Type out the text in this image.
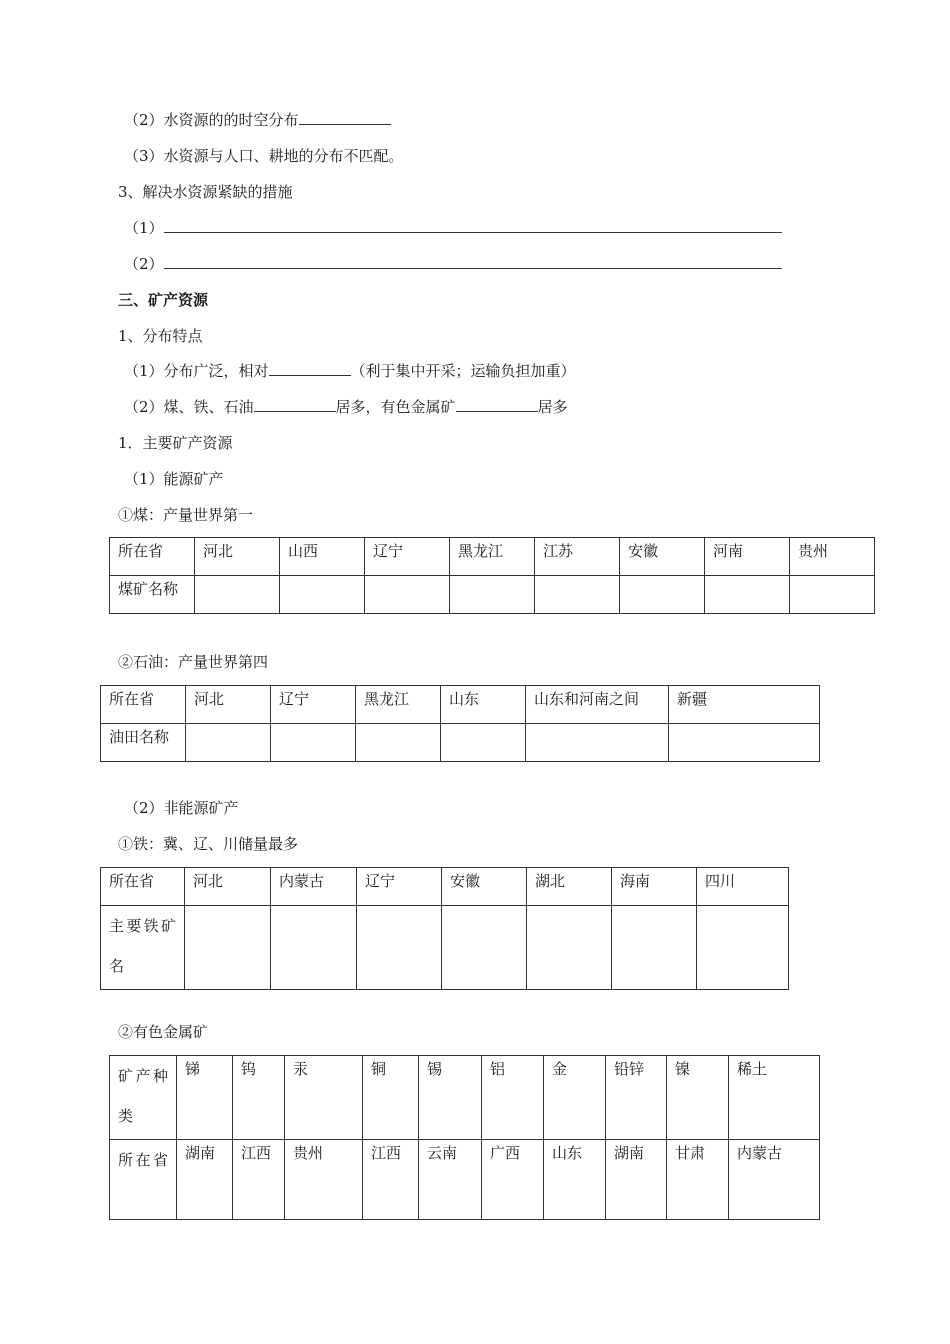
（2）水资源的的时空分布
（3）水资源与人口、耕地的分布不匹配。
3、解决水资源紧缺的措施
（1）
（2）
三、矿产资源
1、分布特点
（1）分布广泛，相对	（利于集中开采；运输负担加重）
（2）煤、铁、石油	居多，有色金属矿	居多
1．主要矿产资源
（1）能源矿产
①煤：产量世界第一
所在省	河北	山西	辽宁	黑龙江	江苏	安徽	河南	贵州
煤矿名称								
②石油：产量世界第四
所在省	河北	辽宁	黑龙江	山东	山东和河南之间	新疆
油田名称						
（2）非能源矿产
①铁：冀、辽、川储量最多
所在省	河北	内蒙古	辽宁	安徽	湖北	海南	四川
主要铁矿名							
②有色金属矿
矿产种类	锑	钨	汞	铜	锡	铝	金	铅锌	镍	稀土
所在省	湖南	江西	贵州	江西	云南	广西	山东	湖南	甘肃	内蒙古
